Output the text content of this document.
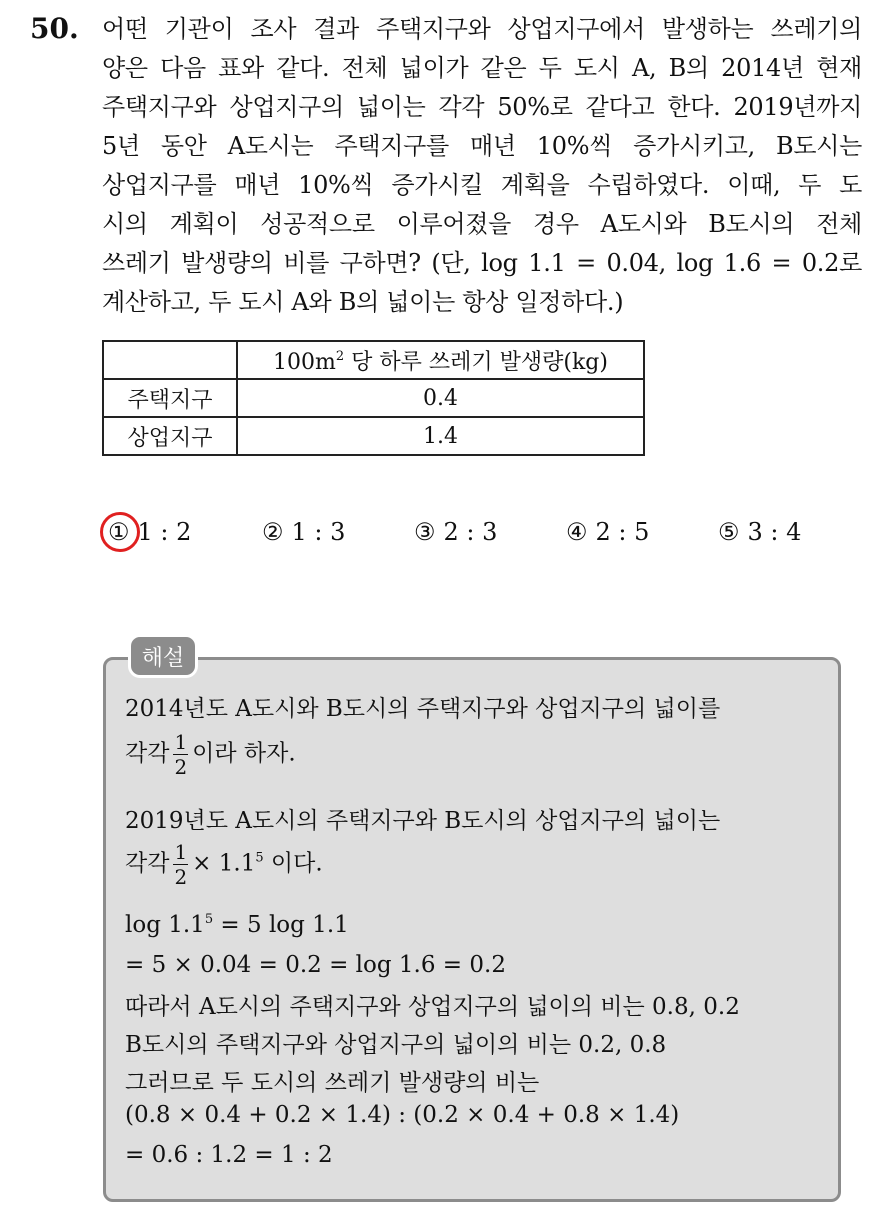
50. 어떤 기관이 조사 결과 주택지구와 상업지구에서 발생하는 쓰레기의
양은 다음 표와 같다. 전체 넓이가 같은 두 도시 A, B의 2014년 현재
주택지구와 상업지구의 넓이는 각각 50%로 같다고 한다. 2019년까지
5년 동안 A도시는 주택지구를 매년 10%씩 증가시키고, B도시는
상업지구를 매년 10%씩 증가시킬 계획을 수립하였다. 이때, 두 도
시의 계획이 성공적으로 이루어졌을 경우 A도시와 B도시의 전체
쓰레기 발생량의 비를 구하면? (단, log 1.1 = 0.04, log 1.6 = 0.2로
계산하고, 두 도시 A와 B의 넓이는 항상 일정하다.)
	$100m^2$ 당 하루 쓰레기 발생량(kg)
주택지구	0.4
상업지구	1.4
① 1 : 2	② 1 : 3	③ 2 : 3	④ 2 : 5	⑤ 3 : 4
해설
2014년도 A도시와 B도시의 주택지구와 상업지구의 넓이를
각각 $\frac{1}{2}$ 이라 하자.
2019년도 A도시의 주택지구와 B도시의 상업지구의 넓이는
각각 $\frac{1}{2} \times 1.1^5$ 이다.
$\log 1.1^5 = 5$ log 1.1
= 5 × 0.04 = 0.2 = log 1.6 = 0.2
따라서 A도시의 주택지구와 상업지구의 넓이의 비는 0.8, 0.2
B도시의 주택지구와 상업지구의 넓이의 비는 0.2, 0.8
그러므로 두 도시의 쓰레기 발생량의 비는
(0.8 × 0.4 + 0.2 × 1.4) : (0.2 × 0.4 + 0.8 × 1.4)
= 0.6 : 1.2 = 1 : 2
